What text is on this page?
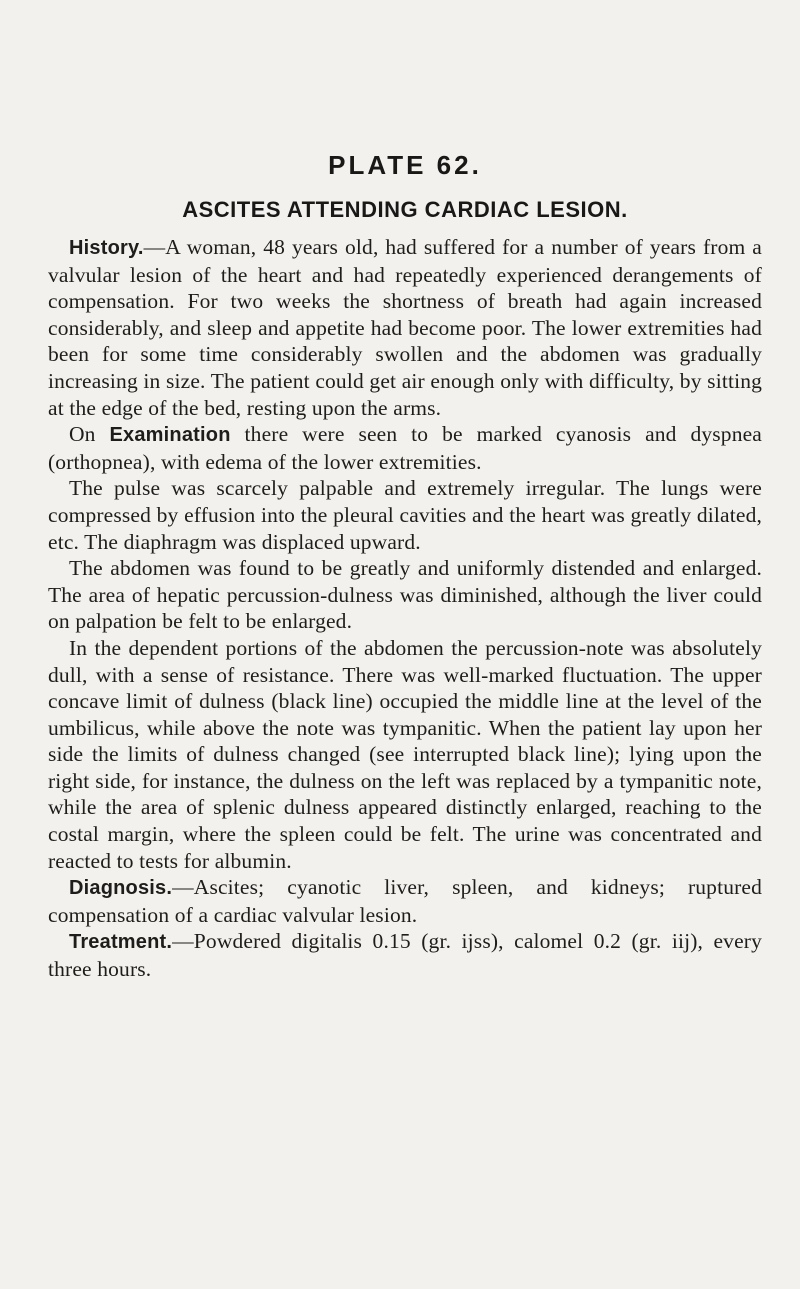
PLATE 62.
ASCITES ATTENDING CARDIAC LESION.

History.—A woman, 48 years old, had suffered for a number of years from a valvular lesion of the heart and had repeatedly experienced derangements of compensation. For two weeks the shortness of breath had again increased considerably, and sleep and appetite had become poor. The lower extremities had been for some time considerably swollen and the abdomen was gradually increasing in size. The patient could get air enough only with difficulty, by sitting at the edge of the bed, resting upon the arms.

On Examination there were seen to be marked cyanosis and dyspnea (orthopnea), with edema of the lower extremities.

The pulse was scarcely palpable and extremely irregular. The lungs were compressed by effusion into the pleural cavities and the heart was greatly dilated, etc. The diaphragm was displaced upward.

The abdomen was found to be greatly and uniformly distended and enlarged. The area of hepatic percussion-dulness was diminished, although the liver could on palpation be felt to be enlarged.

In the dependent portions of the abdomen the percussion-note was absolutely dull, with a sense of resistance. There was well-marked fluctuation. The upper concave limit of dulness (black line) occupied the middle line at the level of the umbilicus, while above the note was tympanitic. When the patient lay upon her side the limits of dulness changed (see interrupted black line); lying upon the right side, for instance, the dulness on the left was replaced by a tympanitic note, while the area of splenic dulness appeared distinctly enlarged, reaching to the costal margin, where the spleen could be felt. The urine was concentrated and reacted to tests for albumin.

Diagnosis.—Ascites; cyanotic liver, spleen, and kidneys; ruptured compensation of a cardiac valvular lesion.

Treatment.—Powdered digitalis 0.15 (gr. ijss), calomel 0.2 (gr. iij), every three hours.
